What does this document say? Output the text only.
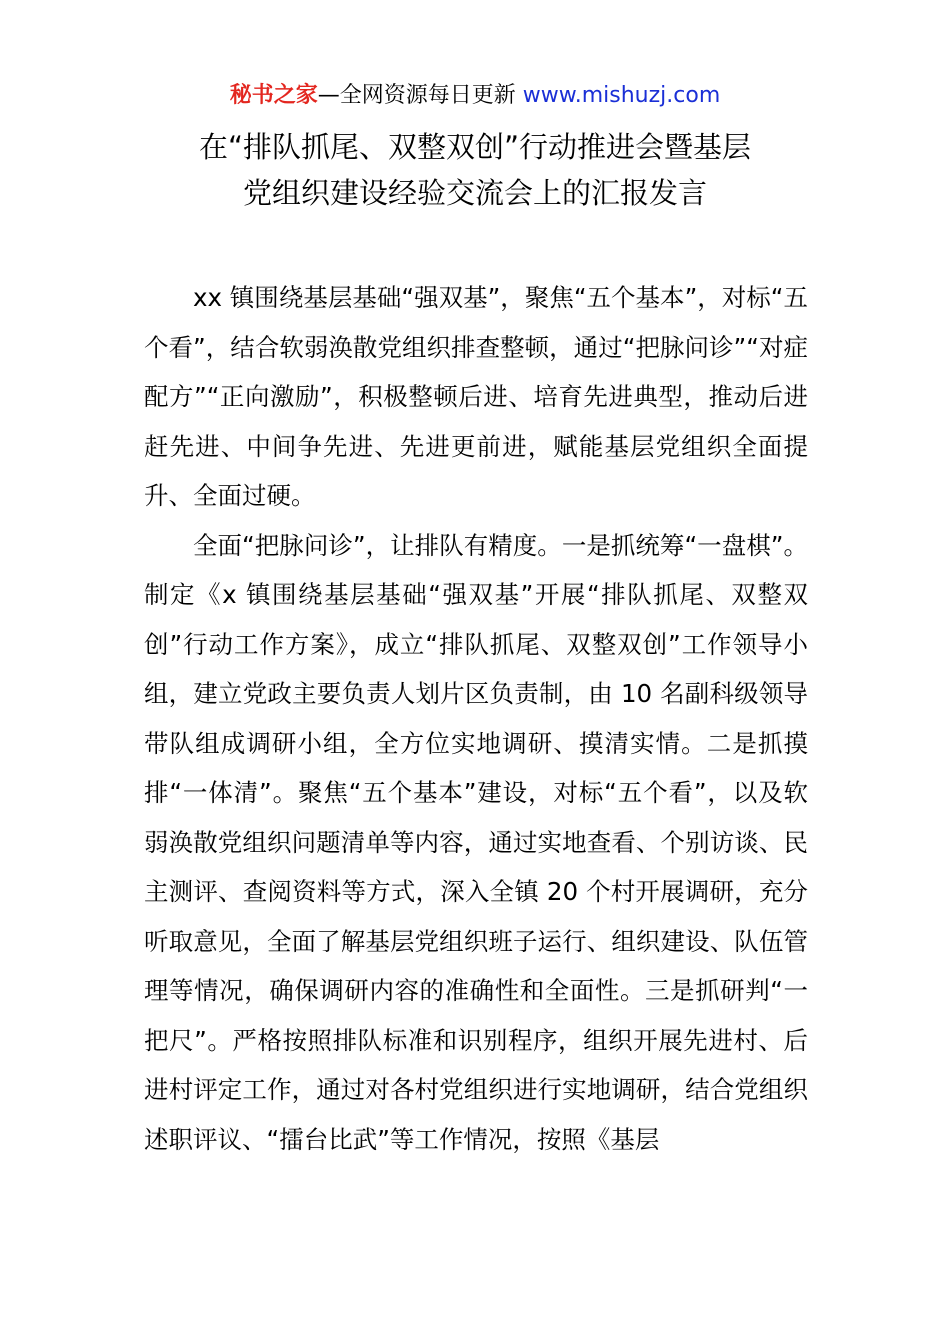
秘书之家—全网资源每日更新 www.mishuzj.com
在“排队抓尾、双整双创”行动推进会暨基层
党组织建设经验交流会上的汇报发言

xx 镇围绕基层基础“强双基”，聚焦“五个基本”，对标“五个看”，结合软弱涣散党组织排查整顿，通过“把脉问诊”“对症配方”“正向激励”，积极整顿后进、培育先进典型，推动后进赶先进、中间争先进、先进更前进，赋能基层党组织全面提升、全面过硬。

全面“把脉问诊”，让排队有精度。一是抓统筹“一盘棋”。制定《x 镇围绕基层基础“强双基”开展“排队抓尾、双整双创”行动工作方案》，成立“排队抓尾、双整双创”工作领导小组，建立党政主要负责人划片区负责制，由 10 名副科级领导带队组成调研小组，全方位实地调研、摸清实情。二是抓摸排“一体清”。聚焦“五个基本”建设，对标“五个看”，以及软弱涣散党组织问题清单等内容，通过实地查看、个别访谈、民主测评、查阅资料等方式，深入全镇 20 个村开展调研，充分听取意见，全面了解基层党组织班子运行、组织建设、队伍管理等情况，确保调研内容的准确性和全面性。三是抓研判“一把尺”。严格按照排队标准和识别程序，组织开展先进村、后进村评定工作，通过对各村党组织进行实地调研，结合党组织述职评议、“擂台比武”等工作情况，按照《基层
